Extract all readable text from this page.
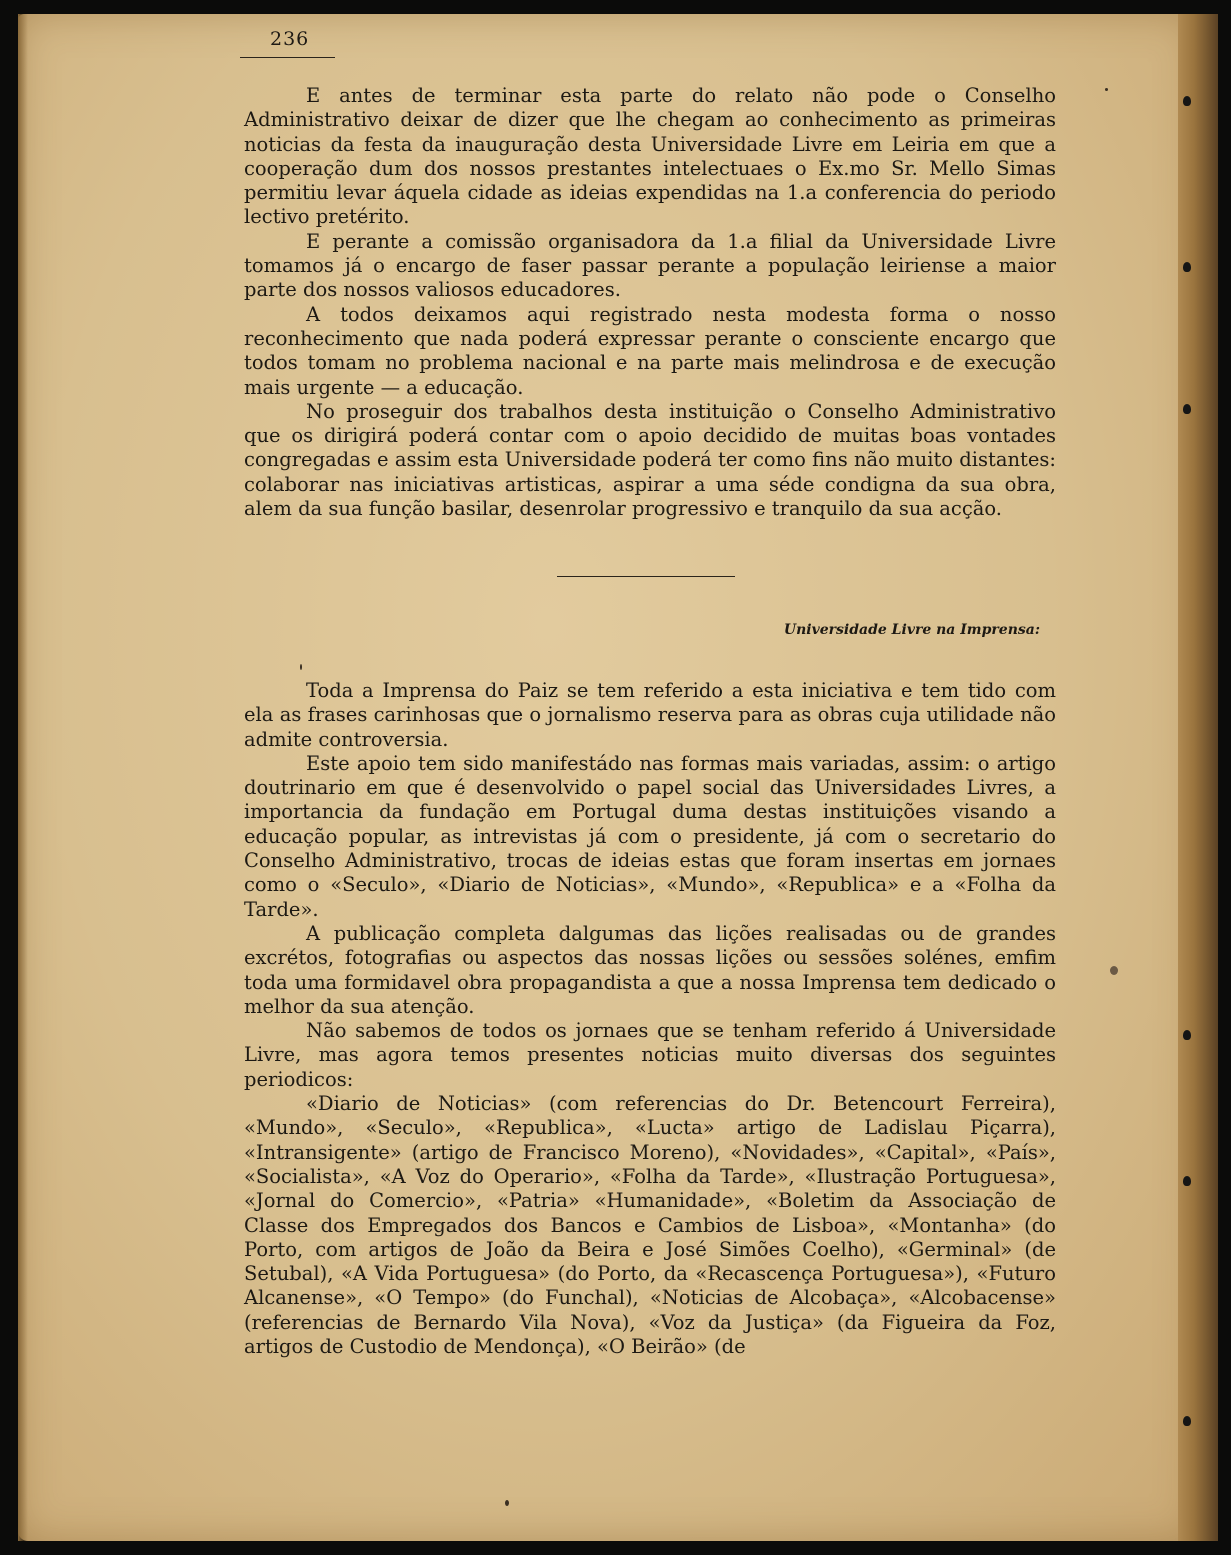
236

E antes de terminar esta parte do relato não pode o Conselho Administrativo deixar de dizer que lhe chegam ao conhecimento as primeiras noticias da festa da inauguração desta Universidade Livre em Leiria em que a cooperação dum dos nossos prestantes intelectuaes o Ex.mo Sr. Mello Simas permitiu levar áquela cidade as ideias expendidas na 1.a conferencia do periodo lectivo pretérito.

E perante a comissão organisadora da 1.a filial da Universidade Livre tomamos já o encargo de faser passar perante a população leiriense a maior parte dos nossos valiosos educadores.

A todos deixamos aqui registrado nesta modesta forma o nosso reconhecimento que nada poderá expressar perante o consciente encargo que todos tomam no problema nacional e na parte mais melindrosa e de execução mais urgente — a educação.

No proseguir dos trabalhos desta instituição o Conselho Administrativo que os dirigirá poderá contar com o apoio decidido de muitas boas vontades congregadas e assim esta Universidade poderá ter como fins não muito distantes: colaborar nas iniciativas artisticas, aspirar a uma séde condigna da sua obra, alem da sua função basilar, desenrolar progressivo e tranquilo da sua acção.

Universidade Livre na Imprensa:

Toda a Imprensa do Paiz se tem referido a esta iniciativa e tem tido com ela as frases carinhosas que o jornalismo reserva para as obras cuja utilidade não admite controversia.

Este apoio tem sido manifestádo nas formas mais variadas, assim: o artigo doutrinario em que é desenvolvido o papel social das Universidades Livres, a importancia da fundação em Portugal duma destas instituições visando a educação popular, as intrevistas já com o presidente, já com o secretario do Conselho Administrativo, trocas de ideias estas que foram insertas em jornaes como o «Seculo», «Diario de Noticias», «Mundo», «Republica» e a «Folha da Tarde».

A publicação completa dalgumas das lições realisadas ou de grandes excrétos, fotografias ou aspectos das nossas lições ou sessões solénes, emfim toda uma formidavel obra propagandista a que a nossa Imprensa tem dedicado o melhor da sua atenção.

Não sabemos de todos os jornaes que se tenham referido á Universidade Livre, mas agora temos presentes noticias muito diversas dos seguintes periodicos:

«Diario de Noticias» (com referencias do Dr. Betencourt Ferreira), «Mundo», «Seculo», «Republica», «Lucta» artigo de Ladislau Piçarra), «Intransigente» (artigo de Francisco Moreno), «Novidades», «Capital», «País», «Socialista», «A Voz do Operario», «Folha da Tarde», «Ilustração Portuguesa», «Jornal do Comercio», «Patria» «Humanidade», «Boletim da Associação de Classe dos Empregados dos Bancos e Cambios de Lisboa», «Montanha» (do Porto, com artigos de João da Beira e José Simões Coelho), «Germinal» (de Setubal), «A Vida Portuguesa» (do Porto, da «Recascença Portuguesa»), «Futuro Alcanense», «O Tempo» (do Funchal), «Noticias de Alcobaça», «Alcobacense» (referencias de Bernardo Vila Nova), «Voz da Justiça» (da Figueira da Foz, artigos de Custodio de Mendonça), «O Beirão» (de
